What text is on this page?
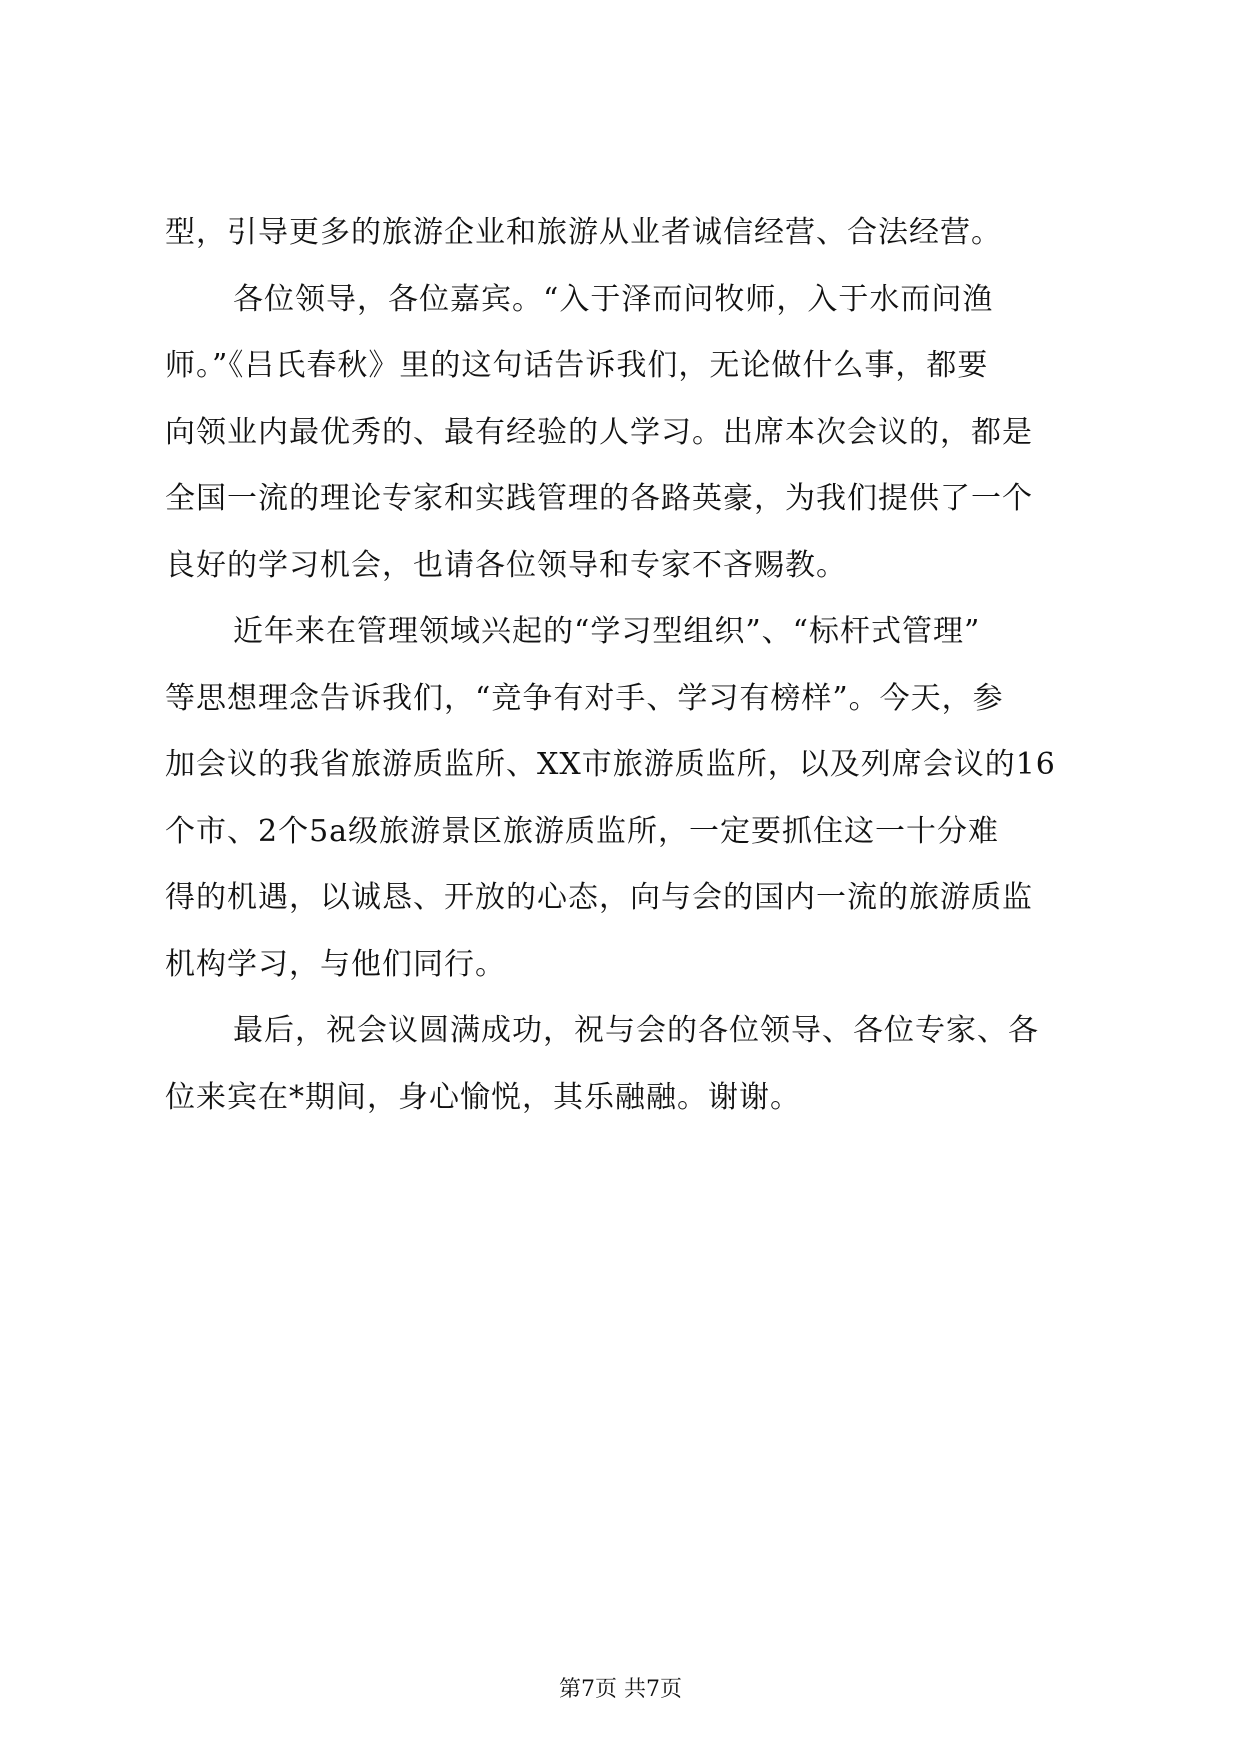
型，引导更多的旅游企业和旅游从业者诚信经营、合法经营。
各位领导，各位嘉宾。“入于泽而问牧师，入于水而问渔
师。”《吕氏春秋》里的这句话告诉我们，无论做什么事，都要
向领业内最优秀的、最有经验的人学习。出席本次会议的，都是
全国一流的理论专家和实践管理的各路英豪，为我们提供了一个
良好的学习机会，也请各位领导和专家不吝赐教。
近年来在管理领域兴起的“学习型组织”、“标杆式管理”
等思想理念告诉我们，“竞争有对手、学习有榜样”。今天，参
加会议的我省旅游质监所、XX市旅游质监所，以及列席会议的16
个市、2个5a级旅游景区旅游质监所，一定要抓住这一十分难
得的机遇，以诚恳、开放的心态，向与会的国内一流的旅游质监
机构学习，与他们同行。
最后，祝会议圆满成功，祝与会的各位领导、各位专家、各
位来宾在*期间，身心愉悦，其乐融融。谢谢。
第7页 共7页
